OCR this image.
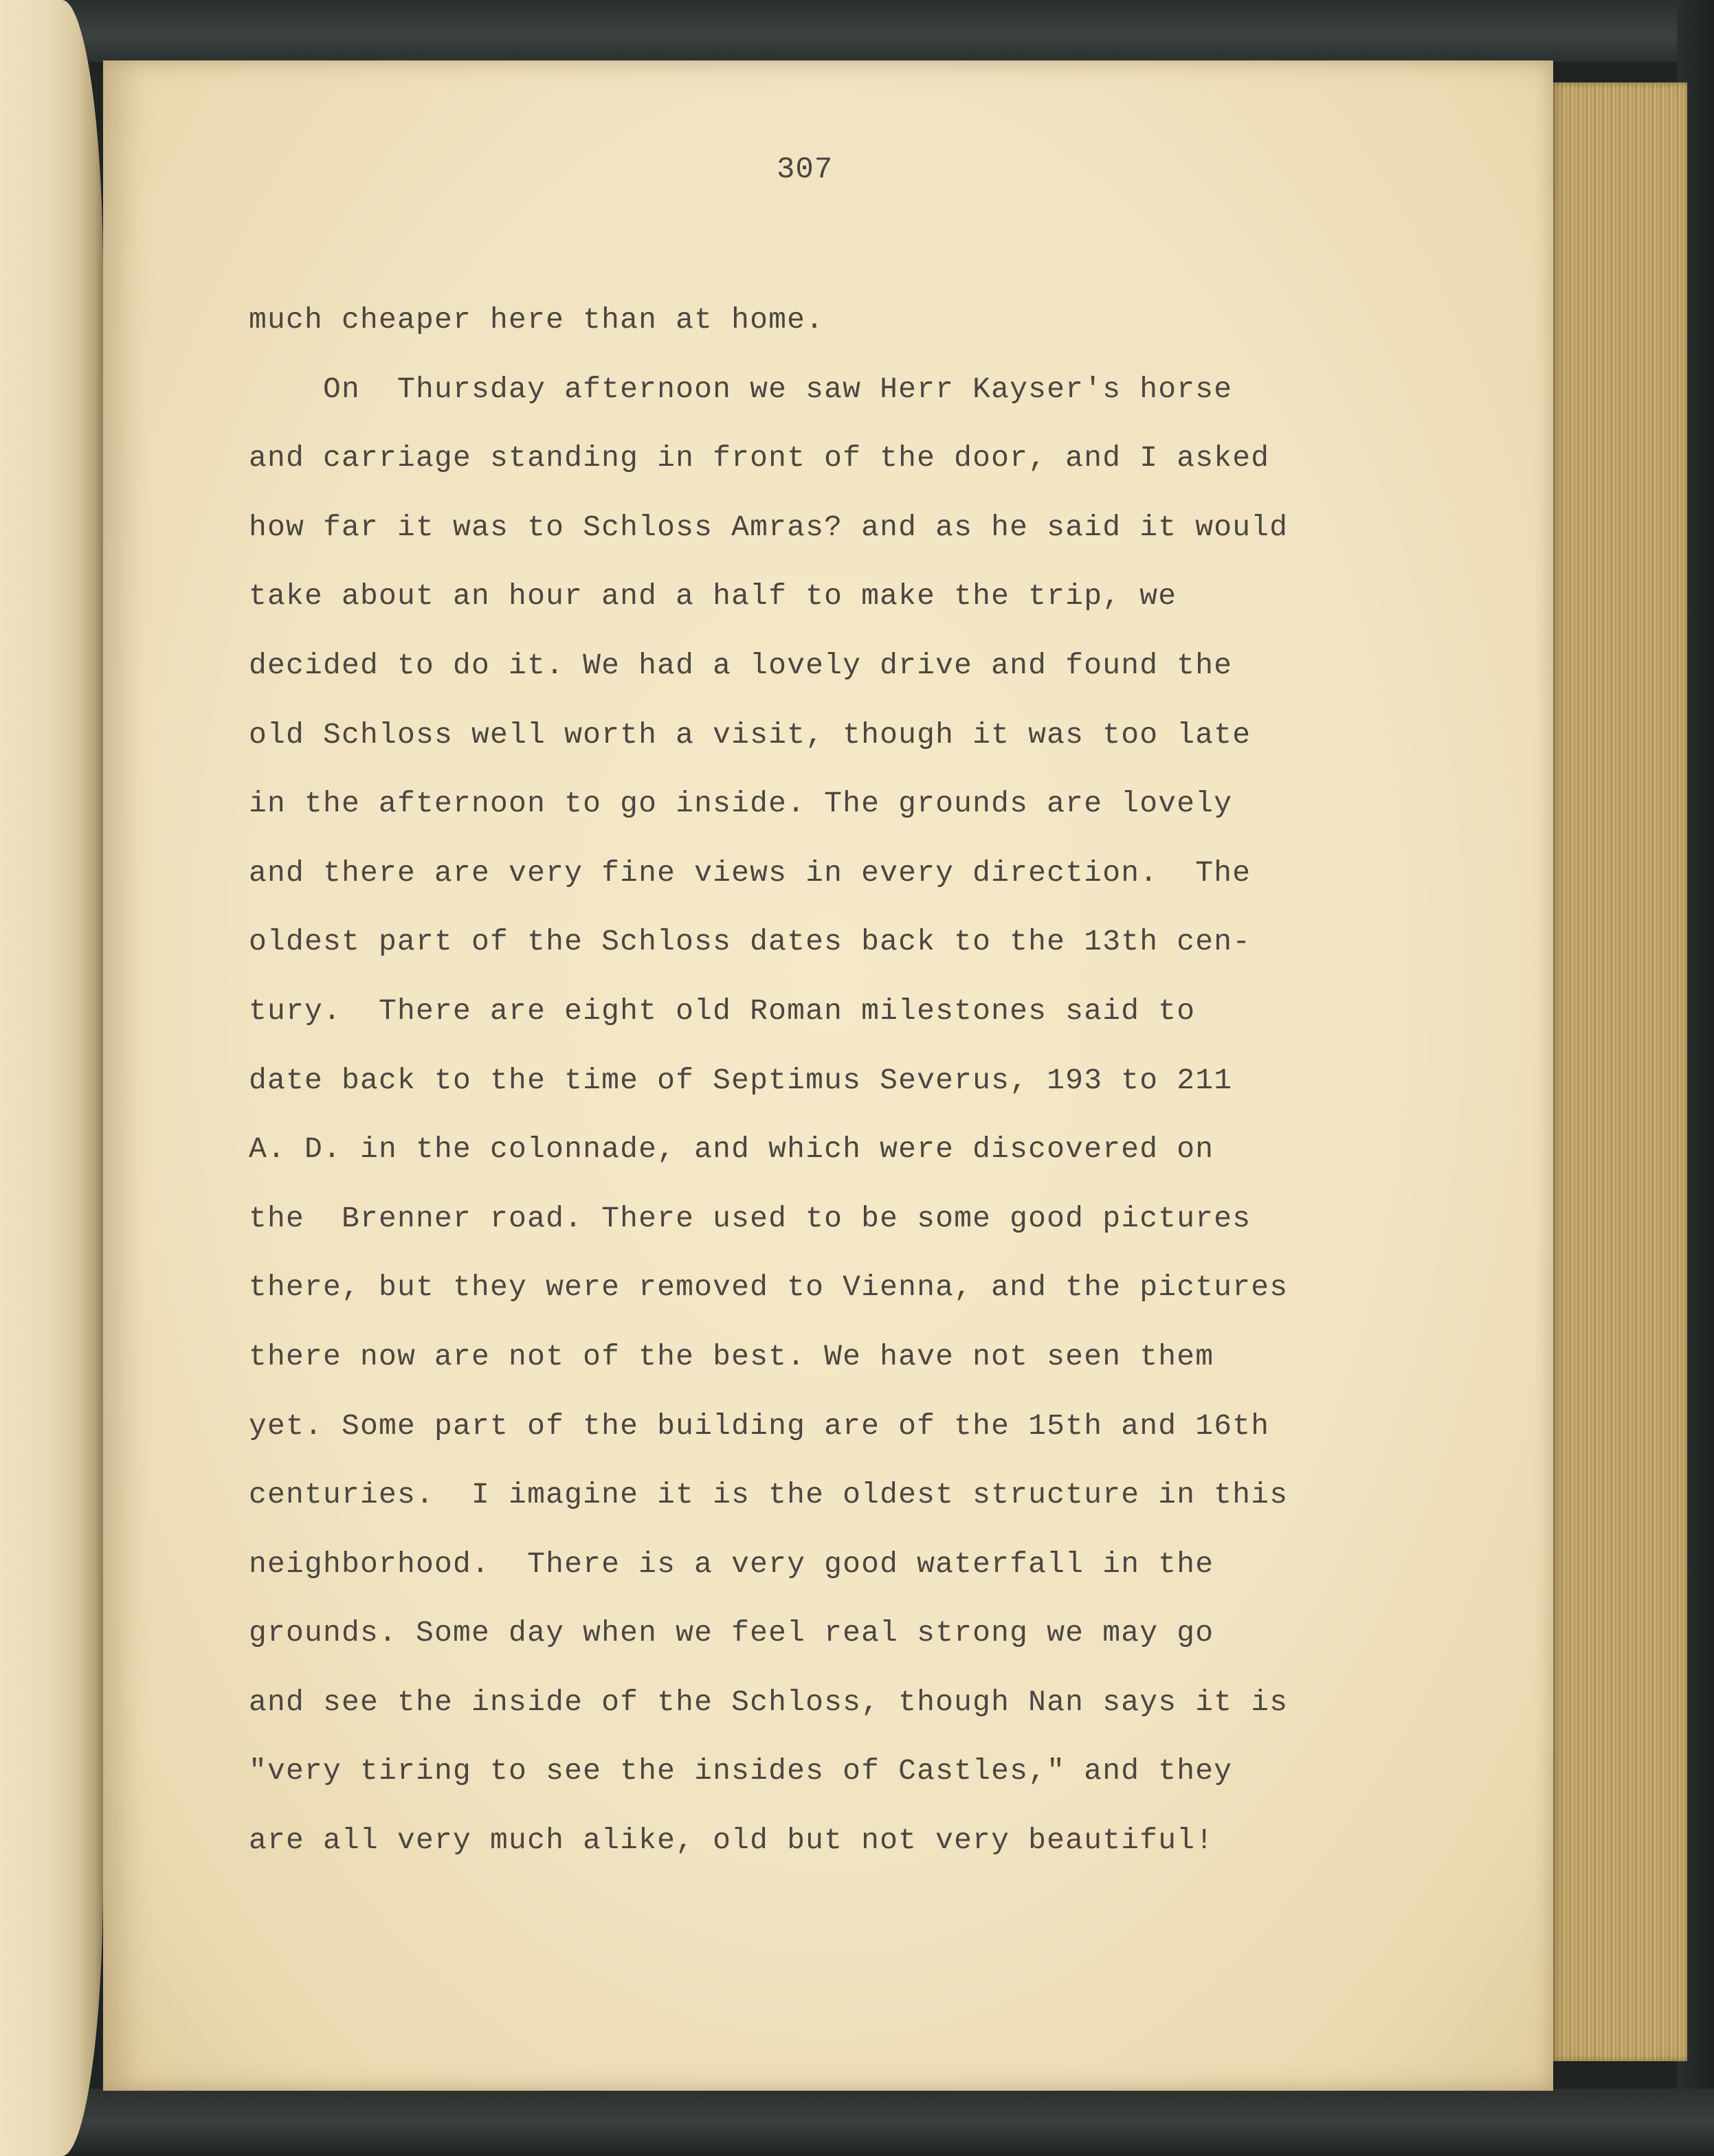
307
much cheaper here than at home.
On  Thursday afternoon we saw Herr Kayser's horse
and carriage standing in front of the door, and I asked
how far it was to Schloss Amras? and as he said it would
take about an hour and a half to make the trip, we
decided to do it. We had a lovely drive and found the
old Schloss well worth a visit, though it was too late
in the afternoon to go inside. The grounds are lovely
and there are very fine views in every direction.  The
oldest part of the Schloss dates back to the 13th cen-
tury.  There are eight old Roman milestones said to
date back to the time of Septimus Severus, 193 to 211
A. D. in the colonnade, and which were discovered on
the  Brenner road. There used to be some good pictures
there, but they were removed to Vienna, and the pictures
there now are not of the best. We have not seen them
yet. Some part of the building are of the 15th and 16th
centuries.  I imagine it is the oldest structure in this
neighborhood.  There is a very good waterfall in the
grounds. Some day when we feel real strong we may go
and see the inside of the Schloss, though Nan says it is
"very tiring to see the insides of Castles," and they
are all very much alike, old but not very beautiful!
